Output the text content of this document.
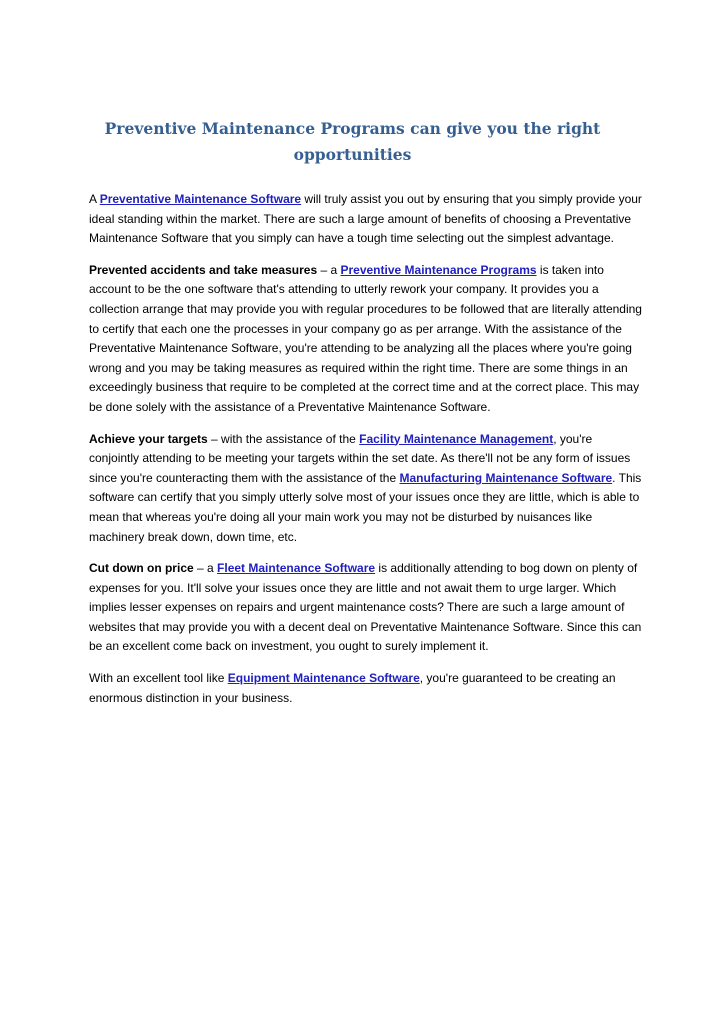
Preventive Maintenance Programs can give you the right
opportunities

A Preventative Maintenance Software will truly assist you out by ensuring that you simply provide your ideal standing within the market. There are such a large amount of benefits of choosing a Preventative Maintenance Software that you simply can have a tough time selecting out the simplest advantage.

Prevented accidents and take measures – a Preventive Maintenance Programs is taken into account to be the one software that's attending to utterly rework your company. It provides you a collection arrange that may provide you with regular procedures to be followed that are literally attending to certify that each one the processes in your company go as per arrange. With the assistance of the Preventative Maintenance Software, you're attending to be analyzing all the places where you're going wrong and you may be taking measures as required within the right time. There are some things in an exceedingly business that require to be completed at the correct time and at the correct place. This may be done solely with the assistance of a Preventative Maintenance Software.

Achieve your targets – with the assistance of the Facility Maintenance Management, you're conjointly attending to be meeting your targets within the set date. As there'll not be any form of issues since you're counteracting them with the assistance of the Manufacturing Maintenance Software. This software can certify that you simply utterly solve most of your issues once they are little, which is able to mean that whereas you're doing all your main work you may not be disturbed by nuisances like machinery break down, down time, etc.

Cut down on price – a Fleet Maintenance Software is additionally attending to bog down on plenty of expenses for you. It'll solve your issues once they are little and not await them to urge larger. Which implies lesser expenses on repairs and urgent maintenance costs? There are such a large amount of websites that may provide you with a decent deal on Preventative Maintenance Software. Since this can be an excellent come back on investment, you ought to surely implement it.

With an excellent tool like Equipment Maintenance Software, you're guaranteed to be creating an enormous distinction in your business.
